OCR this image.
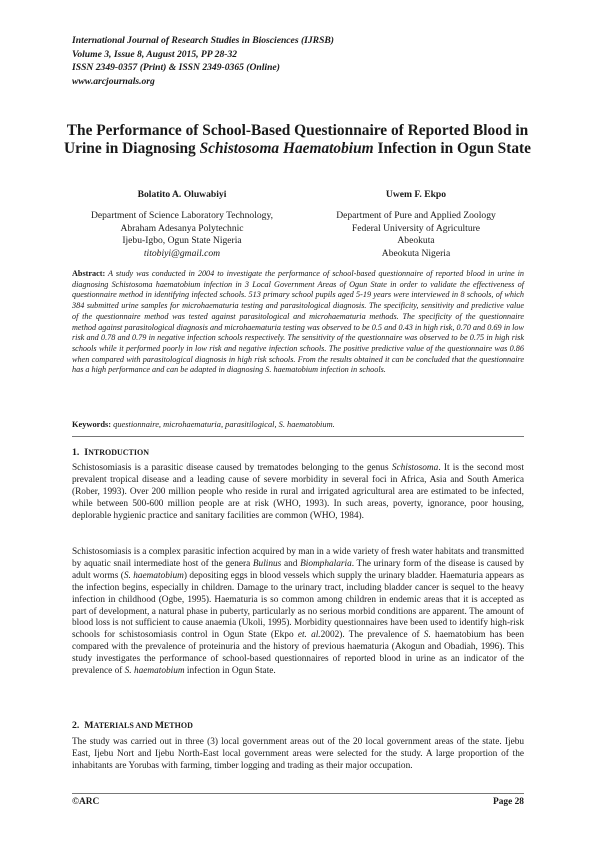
International Journal of Research Studies in Biosciences (IJRSB)
Volume 3, Issue 8, August 2015, PP 28-32
ISSN 2349-0357 (Print) & ISSN 2349-0365 (Online)
www.arcjournals.org
The Performance of School-Based Questionnaire of Reported Blood in Urine in Diagnosing Schistosoma Haematobium Infection in Ogun State
Bolatito A. Oluwabiyi
Department of Science Laboratory Technology,
Abraham Adesanya Polytechnic
Ijebu-Igbo, Ogun State Nigeria
titobiyi@gmail.com
Uwem F. Ekpo
Department of Pure and Applied Zoology
Federal University of Agriculture
Abeokuta
Abeokuta Nigeria
Abstract: A study was conducted in 2004 to investigate the performance of school-based questionnaire of reported blood in urine in diagnosing Schistosoma haematobium infection in 3 Local Government Areas of Ogun State in order to validate the effectiveness of questionnaire method in identifying infected schools. 513 primary school pupils aged 5-19 years were interviewed in 8 schools, of which 384 submitted urine samples for microhaematuria testing and parasitological diagnosis. The specificity, sensitivity and predictive value of the questionnaire method was tested against parasitological and microhaematuria methods. The specificity of the questionnaire method against parasitological diagnosis and microhaematuria testing was observed to be 0.5 and 0.43 in high risk, 0.70 and 0.69 in low risk and 0.78 and 0.79 in negative infection schools respectively. The sensitivity of the questionnaire was observed to be 0.75 in high risk schools while it performed poorly in low risk and negative infection schools. The positive predictive value of the questionnaire was 0.86 when compared with parasitological diagnosis in high risk schools. From the results obtained it can be concluded that the questionnaire has a high performance and can be adapted in diagnosing S. haematobium infection in schools.
Keywords: questionnaire, microhaematuria, parasitilogical, S. haematobium.
1. INTRODUCTION
Schistosomiasis is a parasitic disease caused by trematodes belonging to the genus Schistosoma. It is the second most prevalent tropical disease and a leading cause of severe morbidity in several foci in Africa, Asia and South America (Rober, 1993). Over 200 million people who reside in rural and irrigated agricultural area are estimated to be infected, while between 500-600 million people are at risk (WHO, 1993). In such areas, poverty, ignorance, poor housing, deplorable hygienic practice and sanitary facilities are common (WHO, 1984).
Schistosomiasis is a complex parasitic infection acquired by man in a wide variety of fresh water habitats and transmitted by aquatic snail intermediate host of the genera Bulinus and Biomphalaria. The urinary form of the disease is caused by adult worms (S. haematobium) depositing eggs in blood vessels which supply the urinary bladder. Haematuria appears as the infection begins, especially in children. Damage to the urinary tract, including bladder cancer is sequel to the heavy infection in childhood (Ogbe, 1995). Haematuria is so common among children in endemic areas that it is accepted as part of development, a natural phase in puberty, particularly as no serious morbid conditions are apparent. The amount of blood loss is not sufficient to cause anaemia (Ukoli, 1995). Morbidity questionnaires have been used to identify high-risk schools for schistosomiasis control in Ogun State (Ekpo et. al.2002). The prevalence of S. haematobium has been compared with the prevalence of proteinuria and the history of previous haematuria (Akogun and Obadiah, 1996). This study investigates the performance of school-based questionnaires of reported blood in urine as an indicator of the prevalence of S. haematobium infection in Ogun State.
2. MATERIALS AND METHOD
The study was carried out in three (3) local government areas out of the 20 local government areas of the state. Ijebu East, Ijebu Nort and Ijebu North-East local government areas were selected for the study. A large proportion of the inhabitants are Yorubas with farming, timber logging and trading as their major occupation.
©ARC	Page 28
